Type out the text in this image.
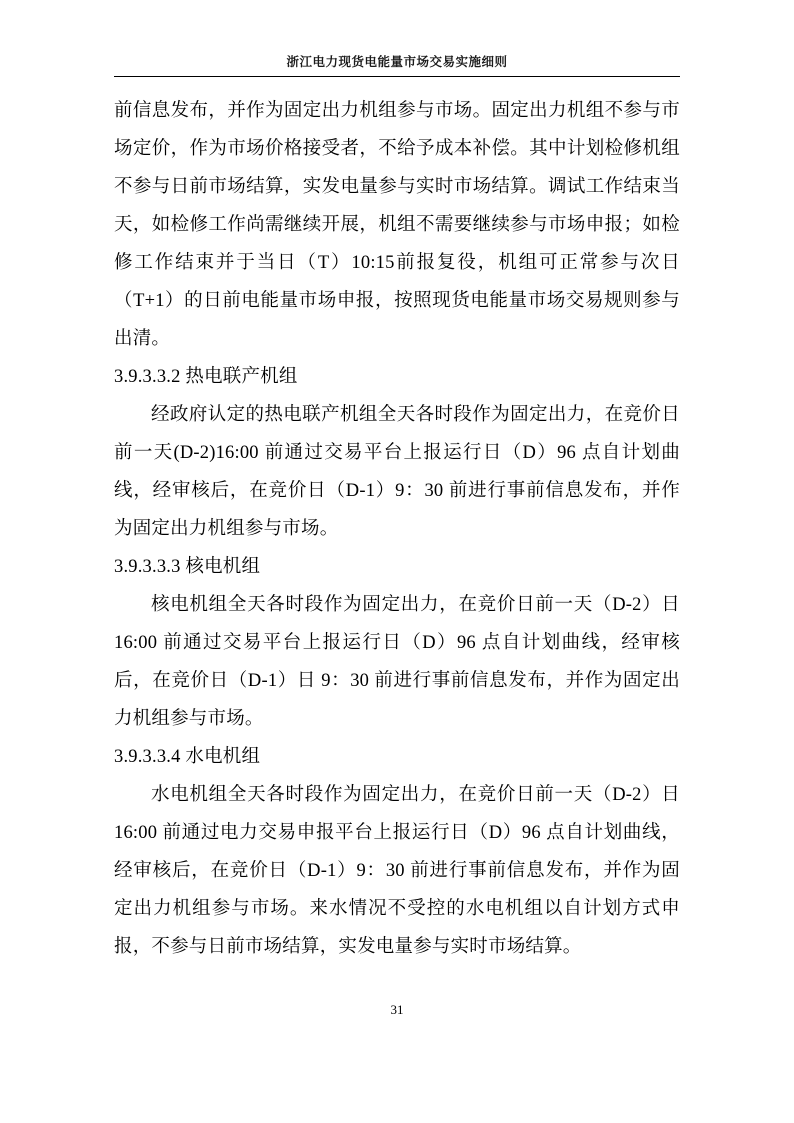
浙江电力现货电能量市场交易实施细则

前信息发布，并作为固定出力机组参与市场。固定出力机组不参与市场定价，作为市场价格接受者，不给予成本补偿。其中计划检修机组不参与日前市场结算，实发电量参与实时市场结算。调试工作结束当天，如检修工作尚需继续开展，机组不需要继续参与市场申报；如检修工作结束并于当日（T）10:15前报复役，机组可正常参与次日（T+1）的日前电能量市场申报，按照现货电能量市场交易规则参与出清。

3.9.3.3.2 热电联产机组

经政府认定的热电联产机组全天各时段作为固定出力，在竞价日前一天(D-2)16:00 前通过交易平台上报运行日（D）96 点自计划曲线，经审核后，在竞价日（D-1）9：30 前进行事前信息发布，并作为固定出力机组参与市场。

3.9.3.3.3 核电机组

核电机组全天各时段作为固定出力，在竞价日前一天（D-2）日 16:00 前通过交易平台上报运行日（D）96 点自计划曲线，经审核后，在竞价日（D-1）日 9：30 前进行事前信息发布，并作为固定出力机组参与市场。

3.9.3.3.4 水电机组

水电机组全天各时段作为固定出力，在竞价日前一天（D-2）日 16:00 前通过电力交易申报平台上报运行日（D）96 点自计划曲线，经审核后，在竞价日（D-1）9：30 前进行事前信息发布，并作为固定出力机组参与市场。来水情况不受控的水电机组以自计划方式申报，不参与日前市场结算，实发电量参与实时市场结算。

31
